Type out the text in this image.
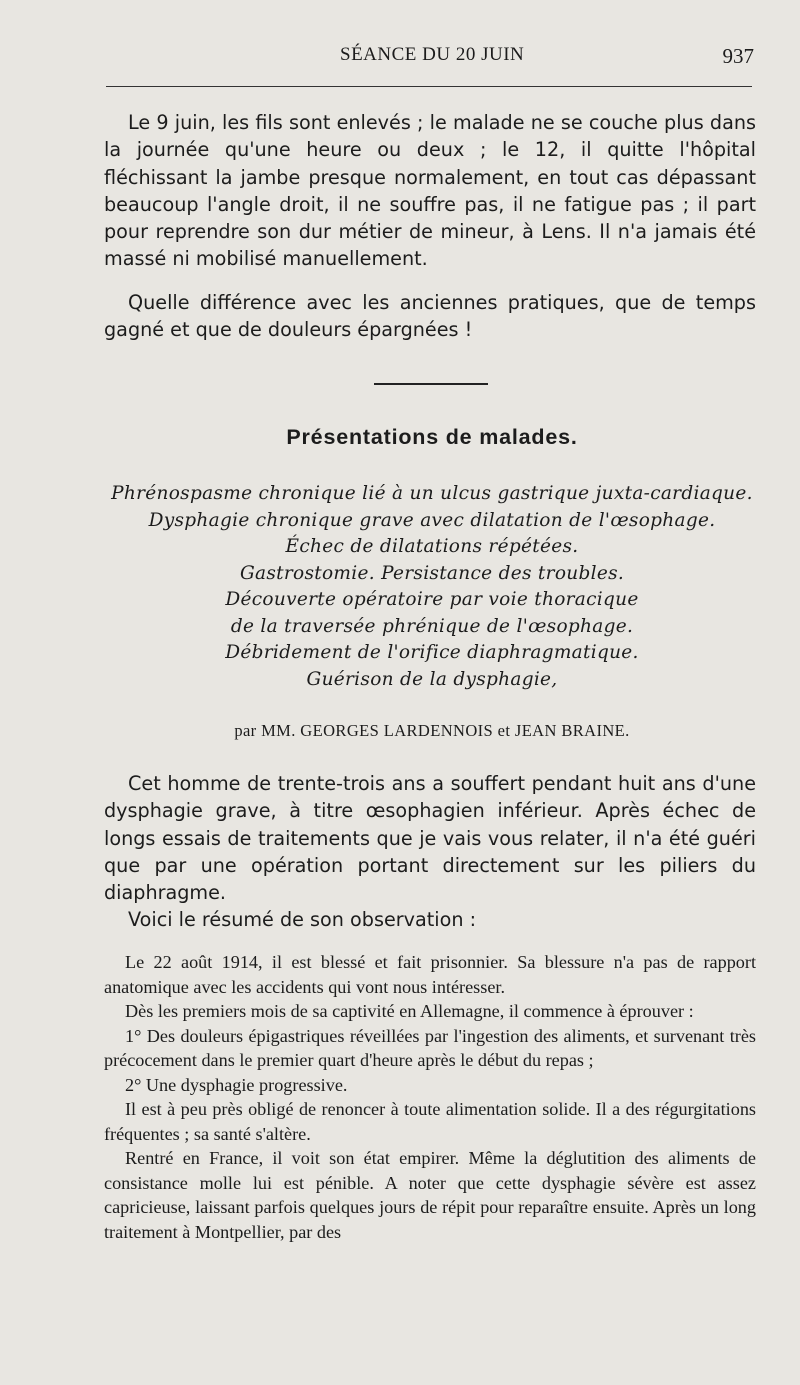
SÉANCE DU 20 JUIN	937

Le 9 juin, les fils sont enlevés ; le malade ne se couche plus dans la journée qu'une heure ou deux ; le 12, il quitte l'hôpital fléchissant la jambe presque normalement, en tout cas dépassant beaucoup l'angle droit, il ne souffre pas, il ne fatigue pas ; il part pour reprendre son dur métier de mineur, à Lens. Il n'a jamais été massé ni mobilisé manuellement.

Quelle différence avec les anciennes pratiques, que de temps gagné et que de douleurs épargnées !

Présentations de malades.
Phrénospasme chronique lié à un ulcus gastrique juxta-cardiaque.
Dysphagie chronique grave avec dilatation de l'œsophage.
Échec de dilatations répétées.
Gastrostomie. Persistance des troubles.
Découverte opératoire par voie thoracique
de la traversée phrénique de l'œsophage.
Débridement de l'orifice diaphragmatique.
Guérison de la dysphagie,
par MM. GEORGES LARDENNOIS et JEAN BRAINE.

Cet homme de trente-trois ans a souffert pendant huit ans d'une dysphagie grave, à titre œsophagien inférieur. Après échec de longs essais de traitements que je vais vous relater, il n'a été guéri que par une opération portant directement sur les piliers du diaphragme.

Voici le résumé de son observation :

Le 22 août 1914, il est blessé et fait prisonnier. Sa blessure n'a pas de rapport anatomique avec les accidents qui vont nous intéresser.

Dès les premiers mois de sa captivité en Allemagne, il commence à éprouver :

1° Des douleurs épigastriques réveillées par l'ingestion des aliments, et survenant très précocement dans le premier quart d'heure après le début du repas ;

2° Une dysphagie progressive.

Il est à peu près obligé de renoncer à toute alimentation solide. Il a des régurgitations fréquentes ; sa santé s'altère.

Rentré en France, il voit son état empirer. Même la déglutition des aliments de consistance molle lui est pénible. A noter que cette dysphagie sévère est assez capricieuse, laissant parfois quelques jours de répit pour reparaître ensuite. Après un long traitement à Montpellier, par des
